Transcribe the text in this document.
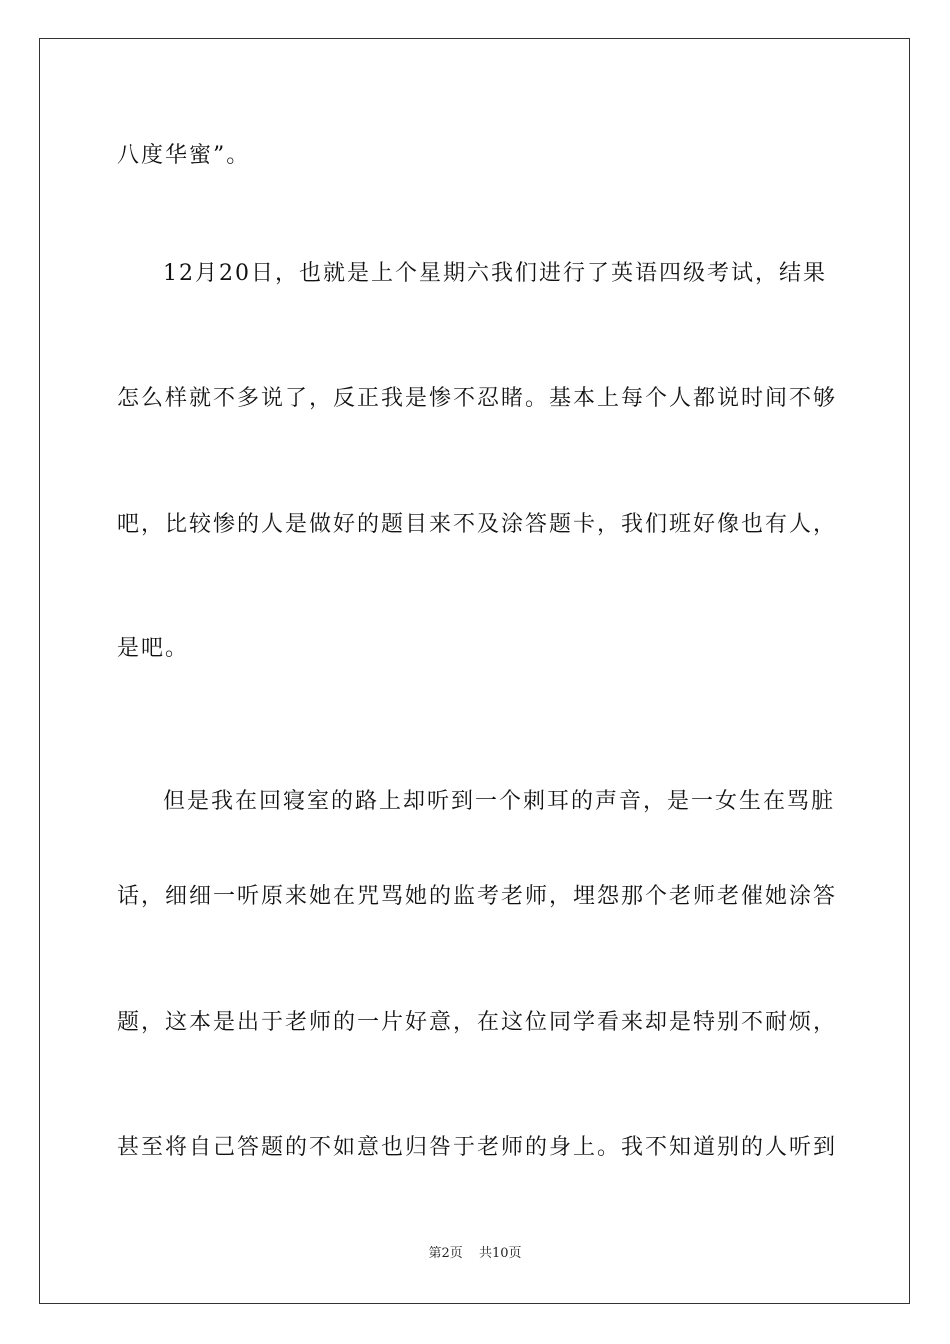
八度华蜜”。
12月20日，也就是上个星期六我们进行了英语四级考试，结果
怎么样就不多说了，反正我是惨不忍睹。基本上每个人都说时间不够
吧，比较惨的人是做好的题目来不及涂答题卡，我们班好像也有人，
是吧。
但是我在回寝室的路上却听到一个刺耳的声音，是一女生在骂脏
话，细细一听原来她在咒骂她的监考老师，埋怨那个老师老催她涂答
题，这本是出于老师的一片好意，在这位同学看来却是特别不耐烦，
甚至将自己答题的不如意也归咎于老师的身上。我不知道别的人听到
第2页 共10页
